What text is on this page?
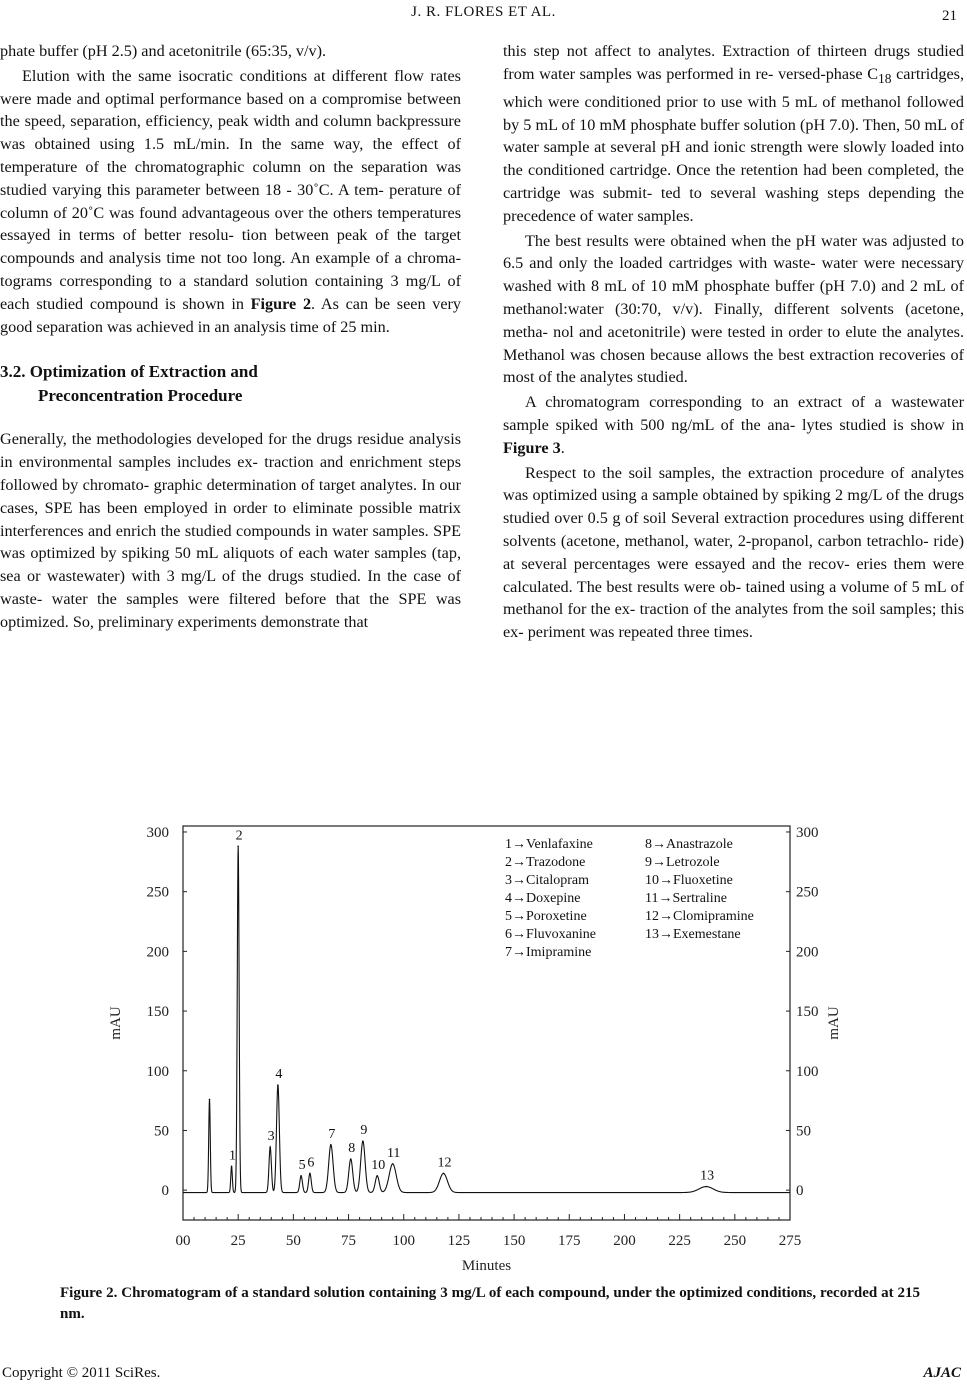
J. R. FLORES ET AL.	21

phate buffer (pH 2.5) and acetonitrile (65:35, v/v).

Elution with the same isocratic conditions at different flow rates were made and optimal performance based on a compromise between the speed, separation, efficiency, peak width and column backpressure was obtained using 1.5 mL/min. In the same way, the effect of temperature of the chromatographic column on the separation was studied varying this parameter between 18 - 30˚C. A tem- perature of column of 20˚C was found advantageous over the others temperatures essayed in terms of better resolu- tion between peak of the target compounds and analysis time not too long. An example of a chroma- tograms corresponding to a standard solution containing 3 mg/L of each studied compound is shown in Figure 2. As can be seen very good separation was achieved in an analysis time of 25 min.

3.2. Optimization of Extraction and
Preconcentration Procedure

Generally, the methodologies developed for the drugs residue analysis in environmental samples includes ex- traction and enrichment steps followed by chromato- graphic determination of target analytes. In our cases, SPE has been employed in order to eliminate possible matrix interferences and enrich the studied compounds in water samples. SPE was optimized by spiking 50 mL aliquots of each water samples (tap, sea or wastewater) with 3 mg/L of the drugs studied. In the case of waste- water the samples were filtered before that the SPE was optimized. So, preliminary experiments demonstrate that

this step not affect to analytes. Extraction of thirteen drugs studied from water samples was performed in re- versed-phase $C_{18}$ cartridges, which were conditioned prior to use with 5 mL of methanol followed by 5 mL of 10 mM phosphate buffer solution (pH 7.0). Then, 50 mL of water sample at several pH and ionic strength were slowly loaded into the conditioned cartridge. Once the retention had been completed, the cartridge was submit- ted to several washing steps depending the precedence of water samples.

The best results were obtained when the pH water was adjusted to 6.5 and only the loaded cartridges with waste- water were necessary washed with 8 mL of 10 mM phosphate buffer (pH 7.0) and 2 mL of methanol:water (30:70, v/v). Finally, different solvents (acetone, metha- nol and acetonitrile) were tested in order to elute the analytes. Methanol was chosen because allows the best extraction recoveries of most of the analytes studied.

A chromatogram corresponding to an extract of a wastewater sample spiked with 500 ng/mL of the ana- lytes studied is show in Figure 3.

Respect to the soil samples, the extraction procedure of analytes was optimized using a sample obtained by spiking 2 mg/L of the drugs studied over 0.5 g of soil Several extraction procedures using different solvents (acetone, methanol, water, 2-propanol, carbon tetrachlo- ride) at several percentages were essayed and the recov- eries them were calculated. The best results were ob- tained using a volume of 5 mL of methanol for the ex- traction of the analytes from the soil samples; this ex- periment was repeated three times.

0	0
50	50
100	100
150	150
200	200
250	250
300	300
00	25	50	75 100 125 150 175 200 225 250 275
Minutes
mAU	mAU
1
2
3
4
5 6
7
8
9
10
11
12
13
1→Venlafaxine
2→Trazodone
3→Citalopram
4→Doxepine
5→Poroxetine
6→Fluvoxanine
7→Imipramine
8→Anastrazole
9→Letrozole
10→Fluoxetine
11→Sertraline
12→Clomipramine
13→Exemestane
Figure 2. Chromatogram of a standard solution containing 3 mg/L of each compound, under the optimized conditions, recorded at 215 nm.
Copyright © 2011 SciRes.	AJAC
